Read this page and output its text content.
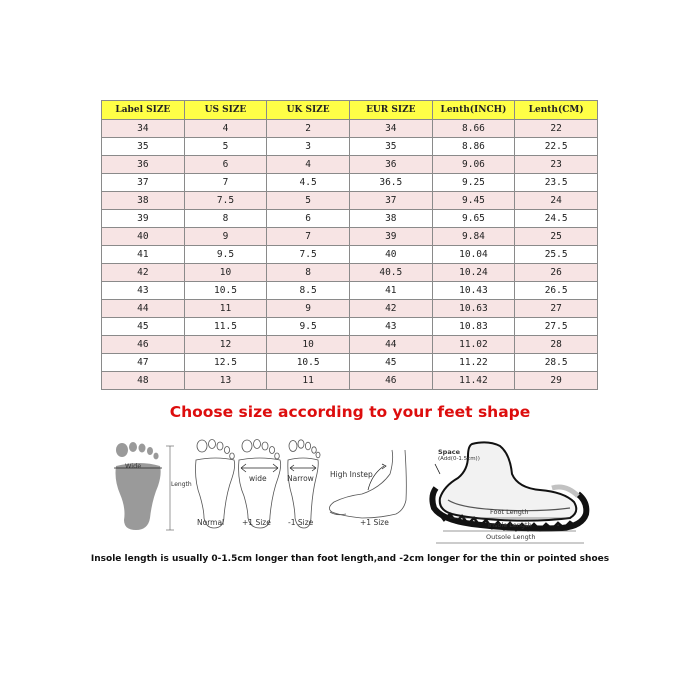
Label SIZE	US SIZE	UK SIZE	EUR SIZE	Lenth(INCH)	Lenth(CM)
34	4	2	34	8.66	22
35	5	3	35	8.86	22.5
36	6	4	36	9.06	23
37	7	4.5	36.5	9.25	23.5
38	7.5	5	37	9.45	24
39	8	6	38	9.65	24.5
40	9	7	39	9.84	25
41	9.5	7.5	40	10.04	25.5
42	10	8	40.5	10.24	26
43	10.5	8.5	41	10.43	26.5
44	11	9	42	10.63	27
45	11.5	9.5	43	10.83	27.5
46	12	10	44	11.02	28
47	12.5	10.5	45	11.22	28.5
48	13	11	46	11.42	29
Choose size according to your feet shape
Wide
Length
Normal +1 Size
wide	Narrow
-1 Size
High Instep
+1 Size
Space
(Add(0-1.5cm))
Foot Length
Insole Length
Outsole Length
Insole length is usually 0-1.5cm longer than foot length,and -2cm longer for the thin or pointed shoes
